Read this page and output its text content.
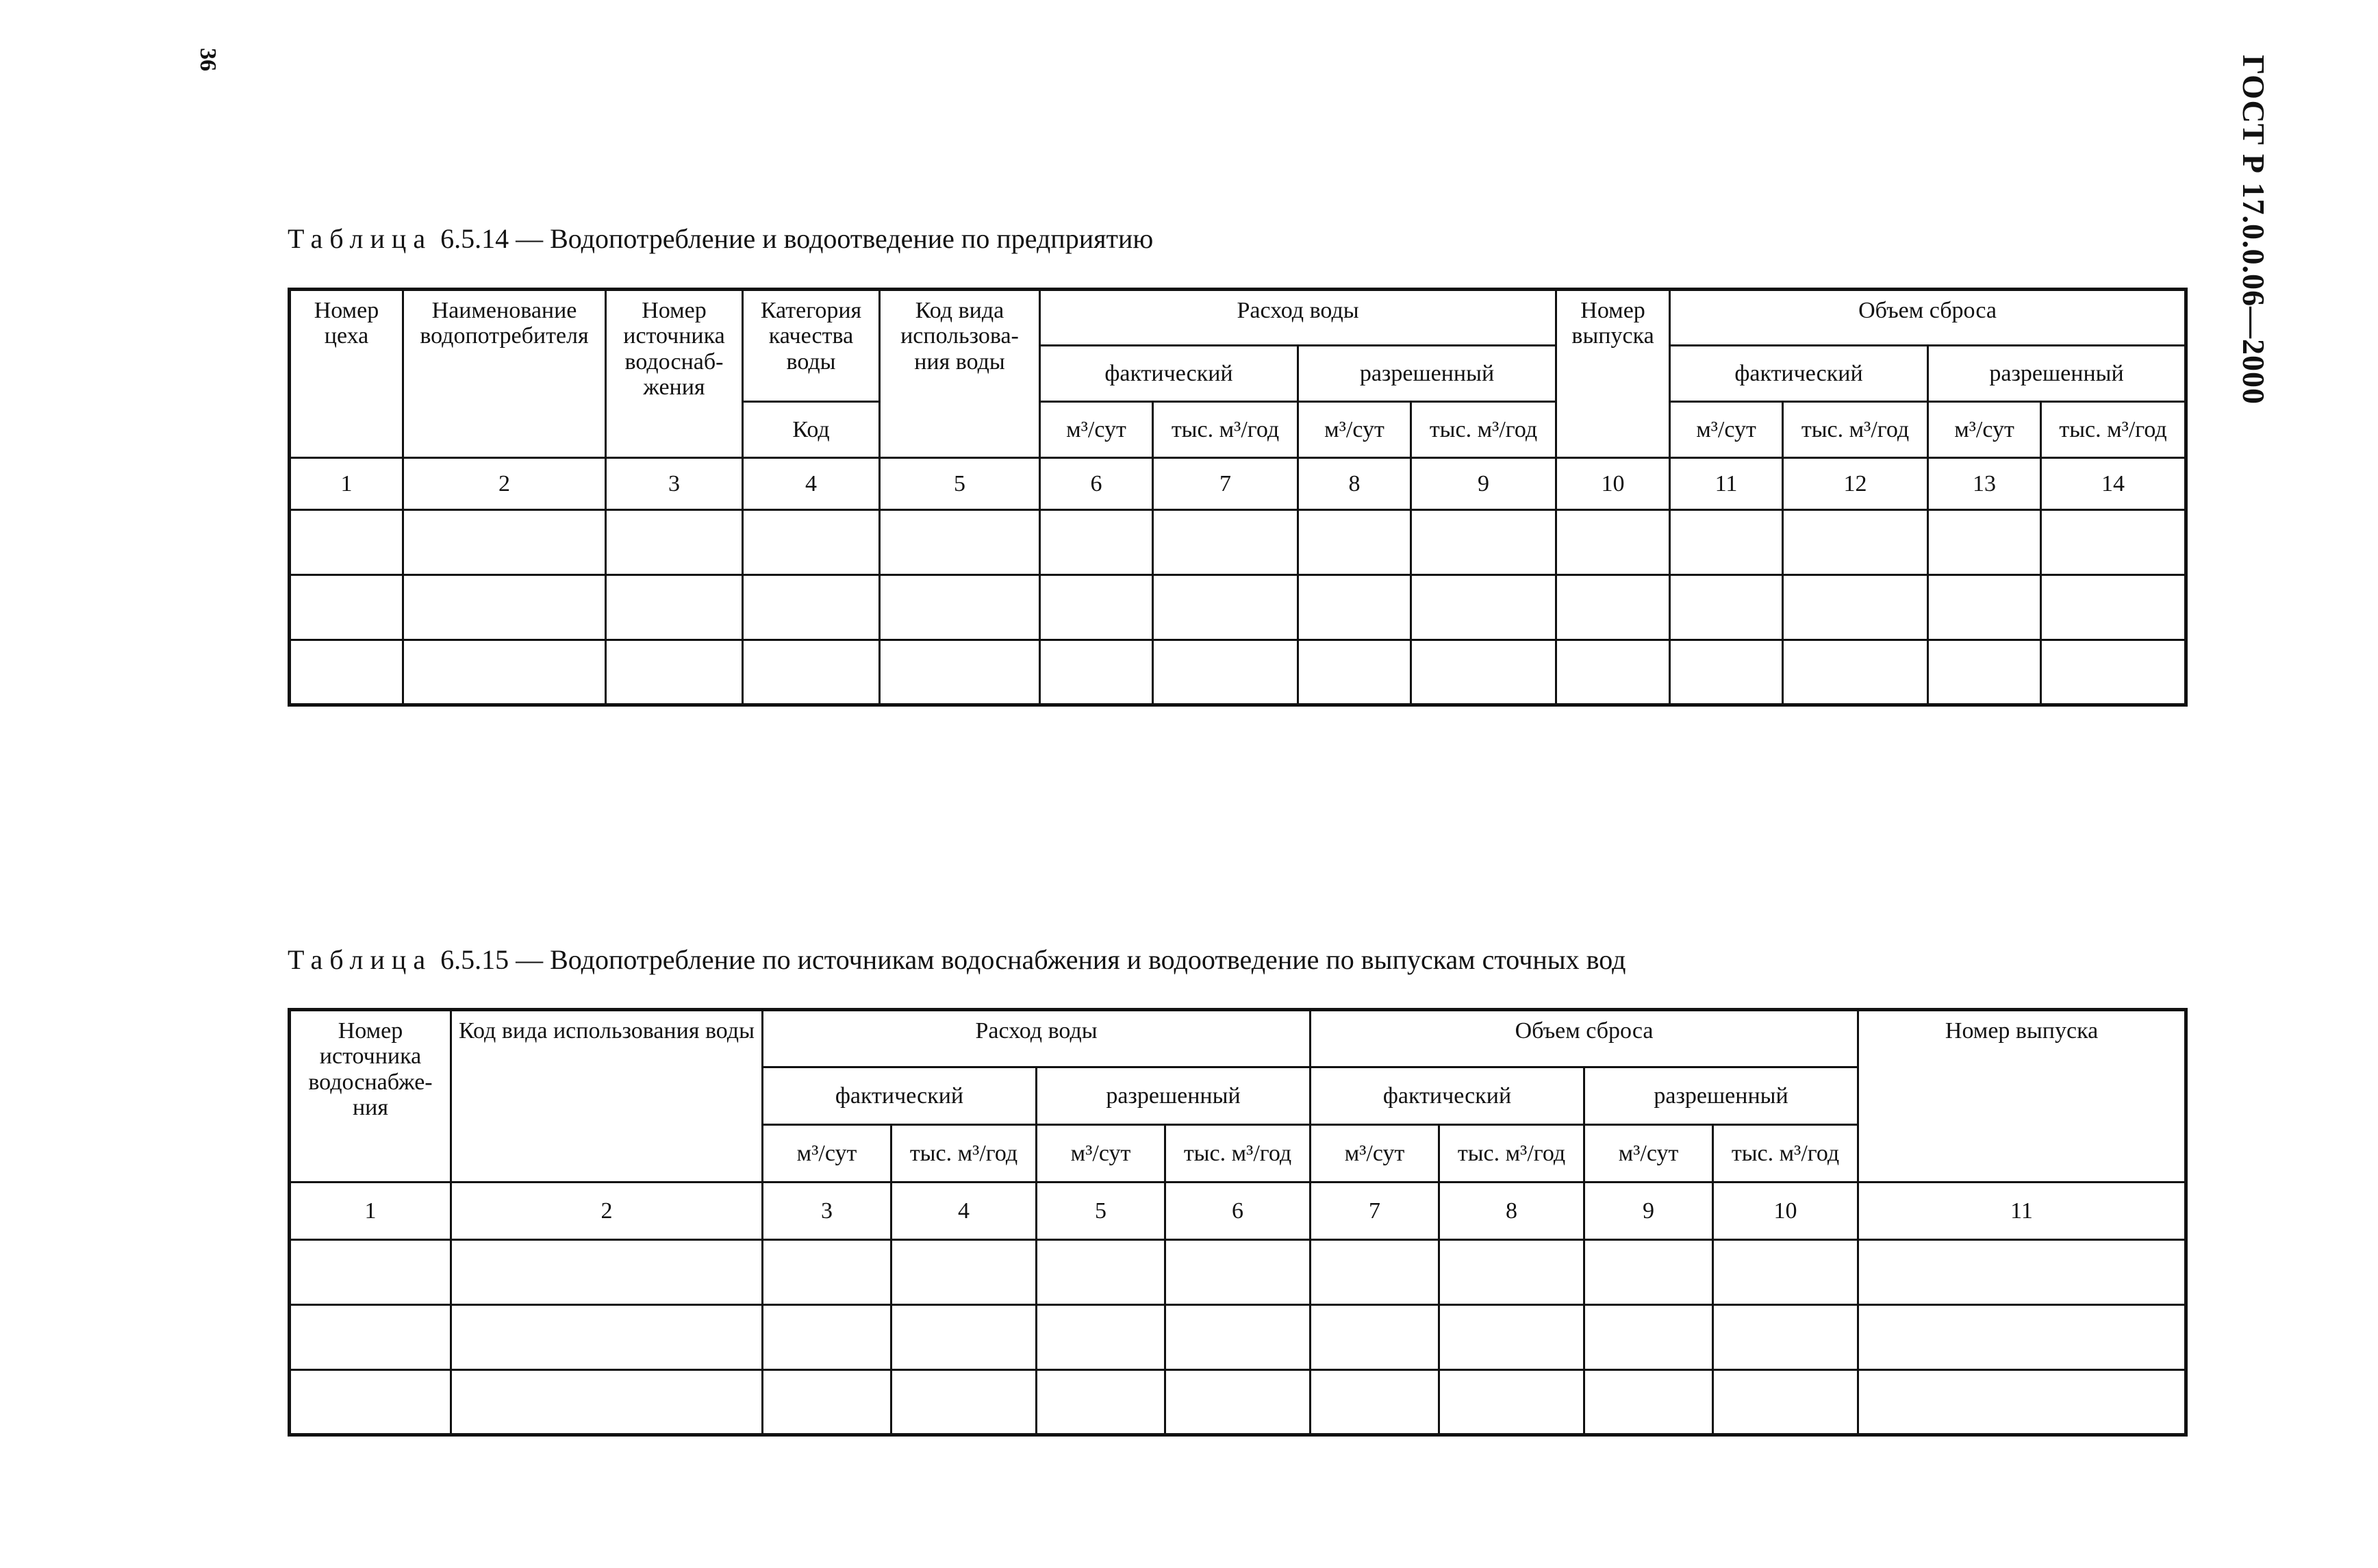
36	ГОСТ Р 17.0.0.06—2000
Таблица 6.5.14 — Водопотребление и водоотведение по предприятию
Номер цеха	Наименование водопотребителя	Номер источника водоснаб-жения	Категория качества воды	Код вида использова-ния воды	Расход воды				Номер выпуска	Объем сброса			
					фактический		разрешенный			фактический		разрешенный	
			Код		м³/сут	тыс. м³/год	м³/сут	тыс. м³/год		м³/сут	тыс. м³/год	м³/сут	тыс. м³/год
1	2	3	4	5	6	7	8	9	10	11	12	13	14

Таблица 6.5.15 — Водопотребление по источникам водоснабжения и водоотведение по выпускам сточных вод
Номер источника водоснабже-ния	Код вида использования воды	Расход воды				Объем сброса				Номер выпуска
		фактический		разрешенный		фактический		разрешенный		
		м³/сут	тыс. м³/год	м³/сут	тыс. м³/год	м³/сут	тыс. м³/год	м³/сут	тыс. м³/год	
1	2	3	4	5	6	7	8	9	10	11
